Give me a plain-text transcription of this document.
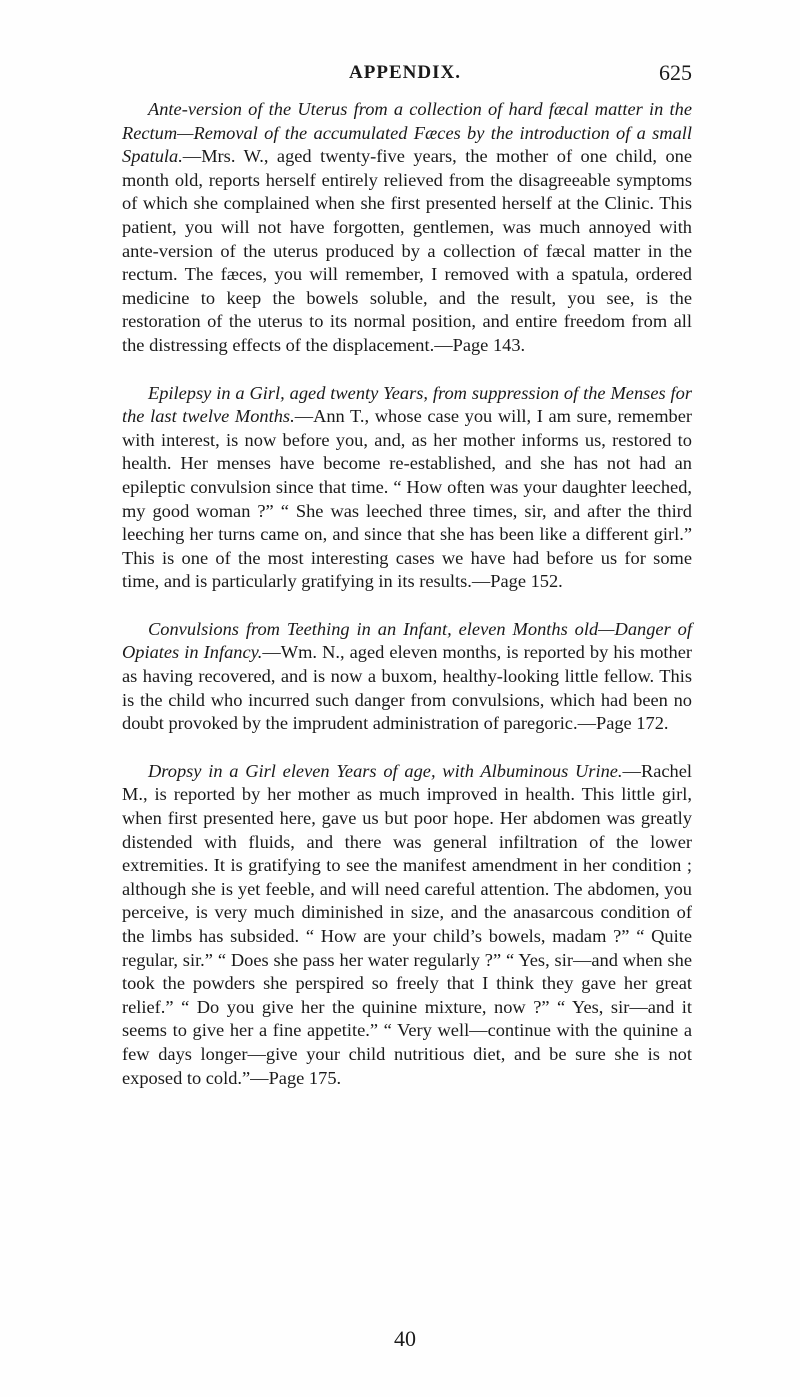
APPENDIX.	625

Ante-version of the Uterus from a collection of hard fæcal matter in the Rectum—Removal of the accumulated Fæces by the introduction of a small Spatula.—Mrs. W., aged twenty-five years, the mother of one child, one month old, reports herself entirely relieved from the disagreeable symptoms of which she complained when she first presented herself at the Clinic. This patient, you will not have forgotten, gentlemen, was much annoyed with ante-version of the uterus produced by a collection of fæcal matter in the rectum. The fæces, you will remember, I removed with a spatula, ordered medicine to keep the bowels soluble, and the result, you see, is the restoration of the uterus to its normal position, and entire freedom from all the distressing effects of the displacement.—Page 143.

Epilepsy in a Girl, aged twenty Years, from suppression of the Menses for the last twelve Months.—Ann T., whose case you will, I am sure, remember with interest, is now before you, and, as her mother informs us, restored to health. Her menses have become re-established, and she has not had an epileptic convulsion since that time. “ How often was your daughter leeched, my good woman ?” “ She was leeched three times, sir, and after the third leeching her turns came on, and since that she has been like a different girl.” This is one of the most interesting cases we have had before us for some time, and is particularly gratifying in its results.—Page 152.

Convulsions from Teething in an Infant, eleven Months old—Danger of Opiates in Infancy.—Wm. N., aged eleven months, is reported by his mother as having recovered, and is now a buxom, healthy-looking little fellow. This is the child who incurred such danger from convulsions, which had been no doubt provoked by the imprudent administration of paregoric.—Page 172.

Dropsy in a Girl eleven Years of age, with Albuminous Urine.—Rachel M., is reported by her mother as much improved in health. This little girl, when first presented here, gave us but poor hope. Her abdomen was greatly distended with fluids, and there was general infiltration of the lower extremities. It is gratifying to see the manifest amendment in her condition ; although she is yet feeble, and will need careful attention. The abdomen, you perceive, is very much diminished in size, and the anasarcous condition of the limbs has subsided. “ How are your child’s bowels, madam ?” “ Quite regular, sir.” “ Does she pass her water regularly ?” “ Yes, sir—and when she took the powders she perspired so freely that I think they gave her great relief.” “ Do you give her the quinine mixture, now ?” “ Yes, sir—and it seems to give her a fine appetite.” “ Very well—continue with the quinine a few days longer—give your child nutritious diet, and be sure she is not exposed to cold.”—Page 175.

40
